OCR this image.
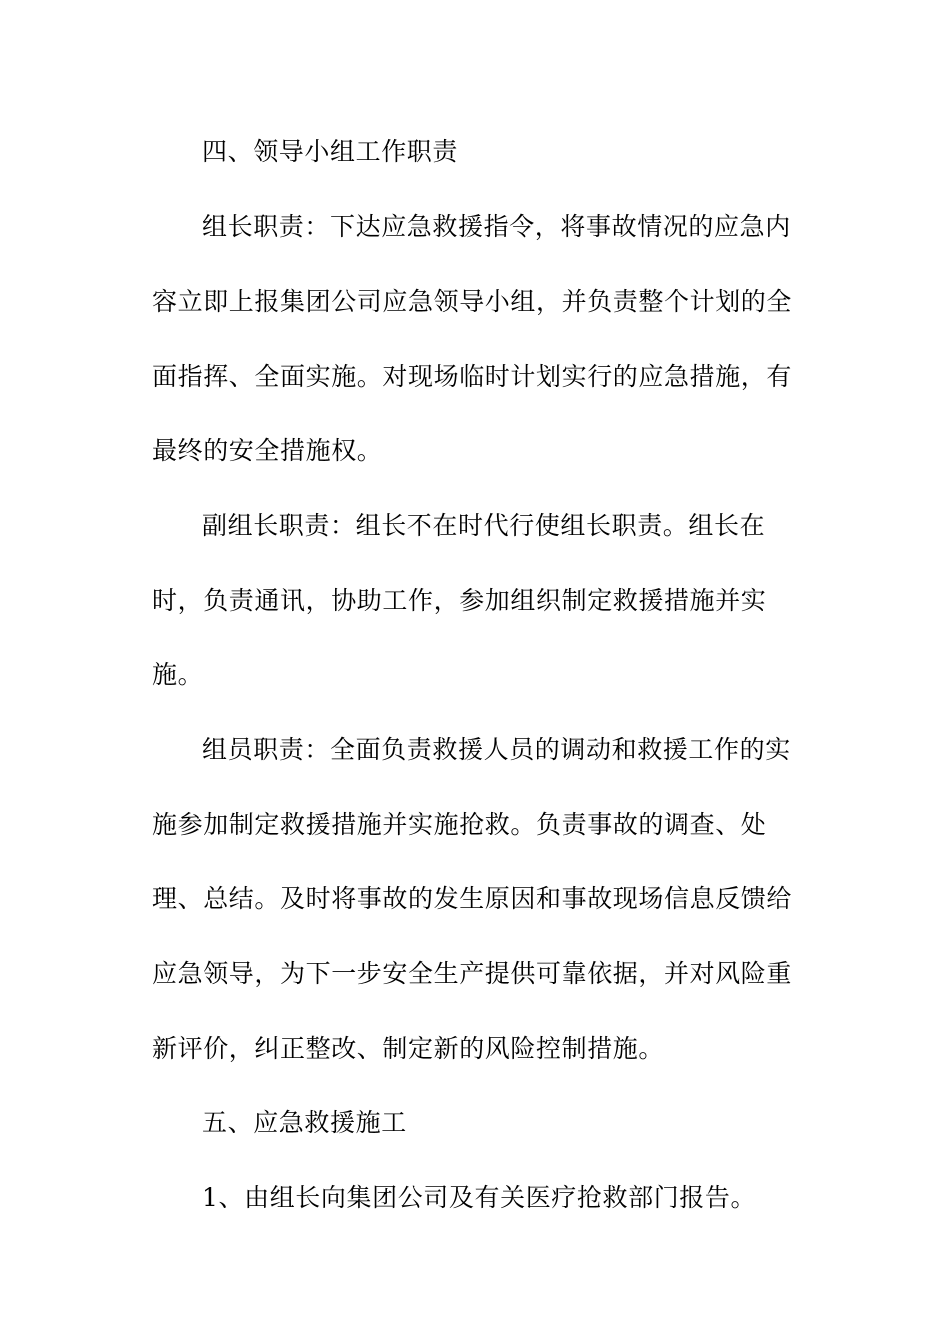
四、领导小组工作职责
组长职责：下达应急救援指令，将事故情况的应急内
容立即上报集团公司应急领导小组，并负责整个计划的全
面指挥、全面实施。对现场临时计划实行的应急措施，有
最终的安全措施权。
副组长职责：组长不在时代行使组长职责。组长在
时，负责通讯，协助工作，参加组织制定救援措施并实
施。
组员职责：全面负责救援人员的调动和救援工作的实
施参加制定救援措施并实施抢救。负责事故的调查、处
理、总结。及时将事故的发生原因和事故现场信息反馈给
应急领导，为下一步安全生产提供可靠依据，并对风险重
新评价，纠正整改、制定新的风险控制措施。
五、应急救援施工
1、由组长向集团公司及有关医疗抢救部门报告。
